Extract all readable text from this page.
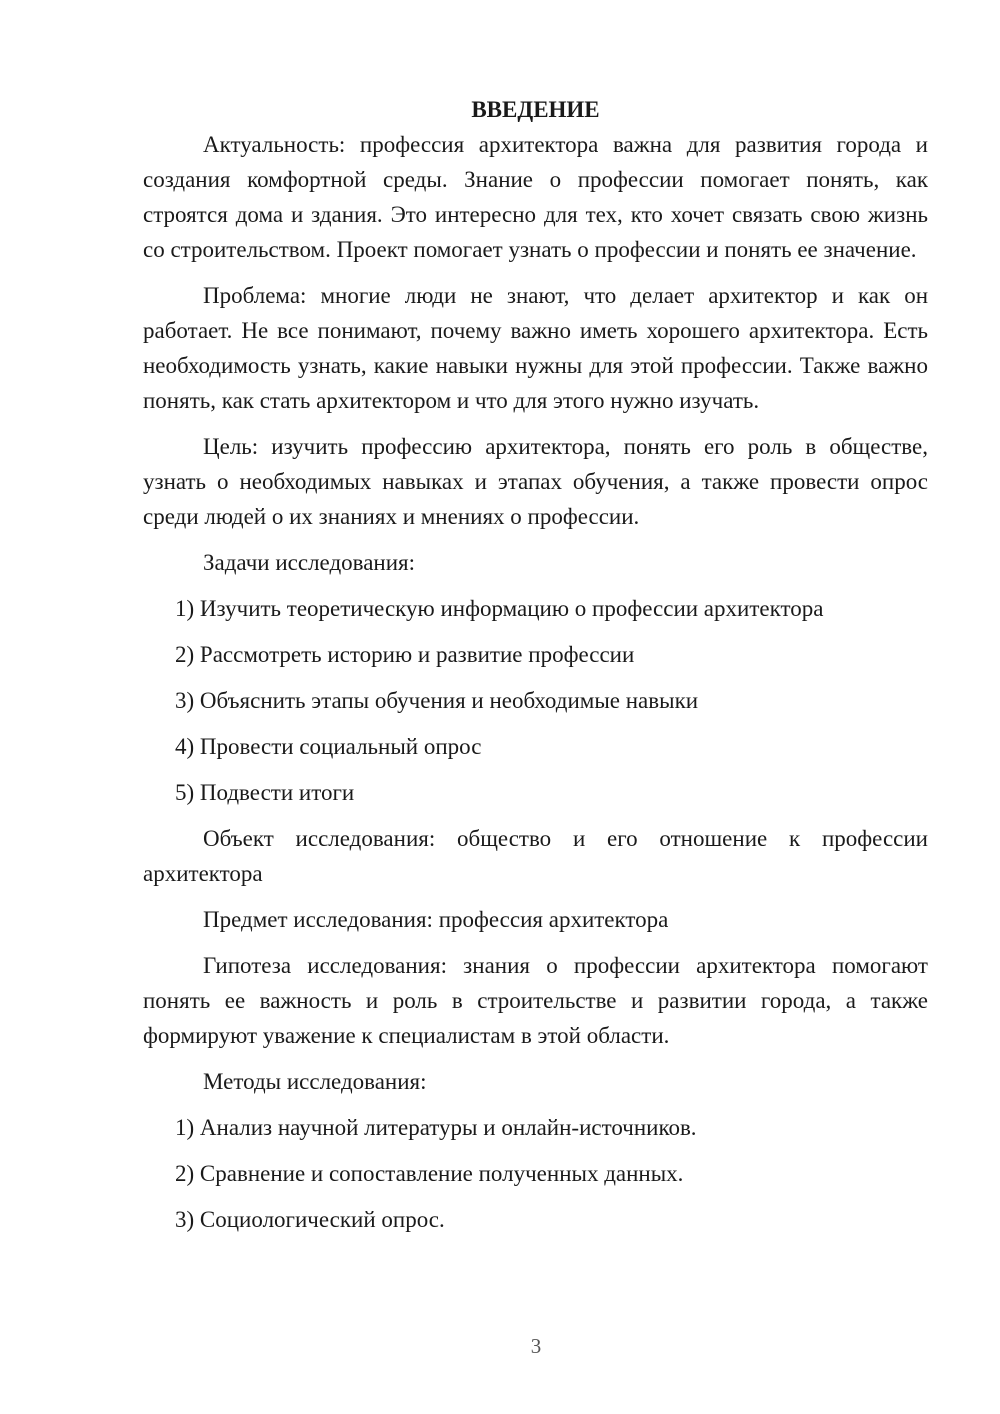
ВВЕДЕНИЕ

Актуальность: профессия архитектора важна для развития города и создания комфортной среды. Знание о профессии помогает понять, как строятся дома и здания. Это интересно для тех, кто хочет связать свою жизнь со строительством. Проект помогает узнать о профессии и понять ее значение.

Проблема: многие люди не знают, что делает архитектор и как он работает. Не все понимают, почему важно иметь хорошего архитектора. Есть необходимость узнать, какие навыки нужны для этой профессии. Также важно понять, как стать архитектором и что для этого нужно изучать.

Цель: изучить профессию архитектора, понять его роль в обществе, узнать о необходимых навыках и этапах обучения, а также провести опрос среди людей о их знаниях и мнениях о профессии.

Задачи исследования:

1) Изучить теоретическую информацию о профессии архитектора
2) Рассмотреть историю и развитие профессии
3) Объяснить этапы обучения и необходимые навыки
4) Провести социальный опрос
5) Подвести итоги

Объект исследования: общество и его отношение к профессии архитектора

Предмет исследования: профессия архитектора

Гипотеза исследования: знания о профессии архитектора помогают понять ее важность и роль в строительстве и развитии города, а также формируют уважение к специалистам в этой области.

Методы исследования:

1) Анализ научной литературы и онлайн-источников.
2) Сравнение и сопоставление полученных данных.
3) Социологический опрос.
3
